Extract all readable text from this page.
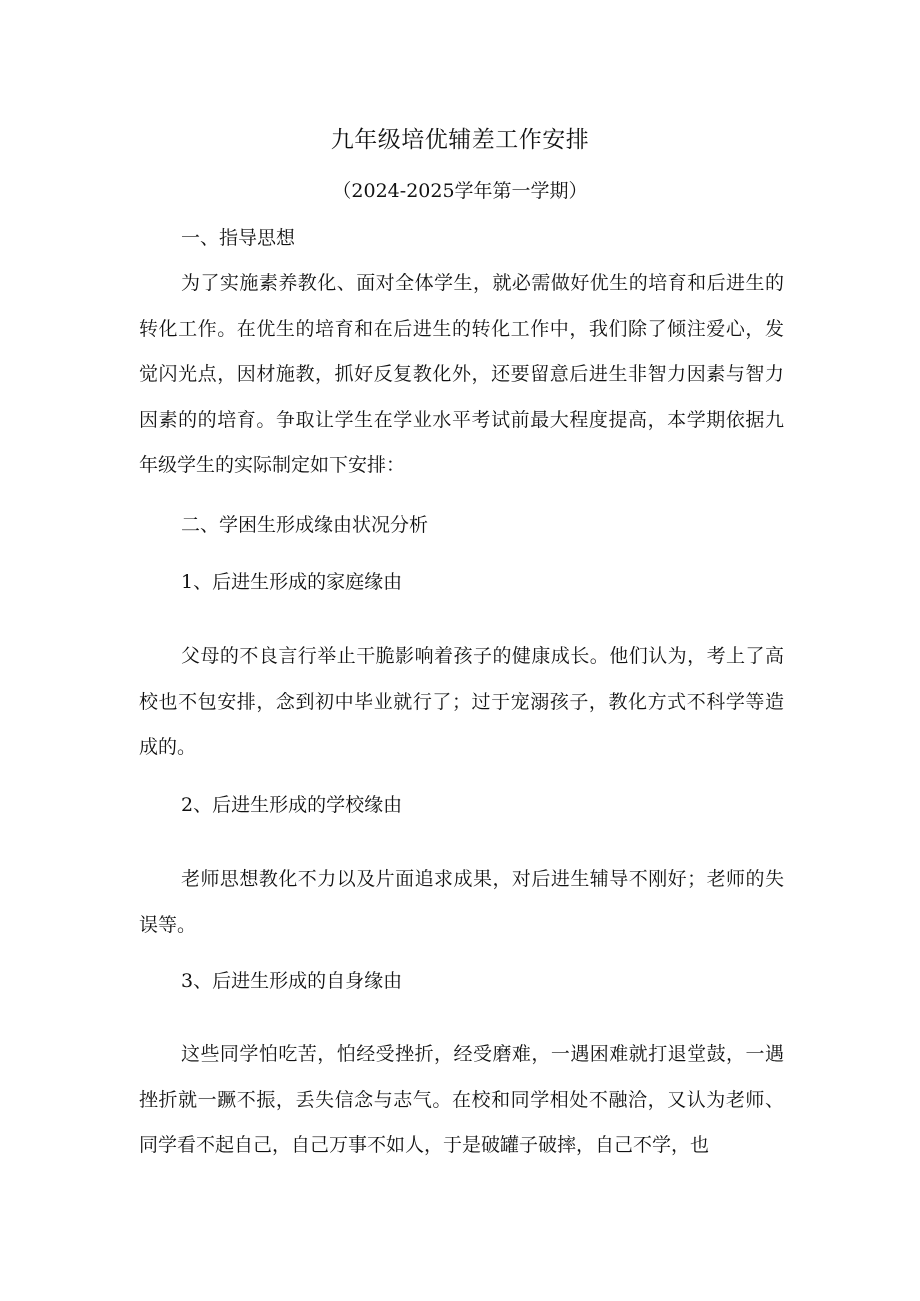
九年级培优辅差工作安排
（2024-2025学年第一学期）
一、指导思想
为了实施素养教化、面对全体学生，就必需做好优生的培育和后进生的转化工作。在优生的培育和在后进生的转化工作中，我们除了倾注爱心，发觉闪光点，因材施教，抓好反复教化外，还要留意后进生非智力因素与智力因素的的培育。争取让学生在学业水平考试前最大程度提高，本学期依据九年级学生的实际制定如下安排：
二、学困生形成缘由状况分析
1、后进生形成的家庭缘由
父母的不良言行举止干脆影响着孩子的健康成长。他们认为，考上了高校也不包安排，念到初中毕业就行了；过于宠溺孩子，教化方式不科学等造成的。
2、后进生形成的学校缘由
老师思想教化不力以及片面追求成果，对后进生辅导不刚好；老师的失误等。
3、后进生形成的自身缘由
这些同学怕吃苦，怕经受挫折，经受磨难，一遇困难就打退堂鼓，一遇挫折就一蹶不振，丢失信念与志气。在校和同学相处不融洽，又认为老师、同学看不起自己，自己万事不如人，于是破罐子破摔，自己不学，也
